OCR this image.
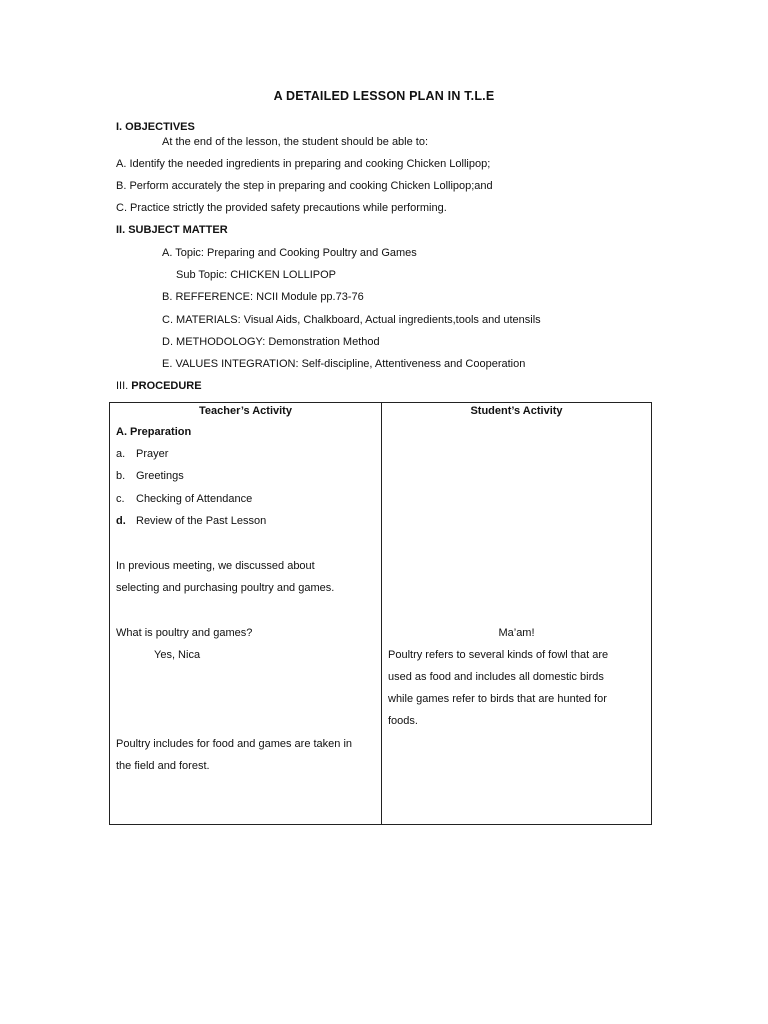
A DETAILED LESSON PLAN IN T.L.E
I. OBJECTIVES
At the end of the lesson, the student should be able to:
A. Identify the needed ingredients in preparing and cooking Chicken Lollipop;
B. Perform accurately the step in preparing and cooking Chicken Lollipop;and
C. Practice strictly the provided safety precautions while performing.
II. SUBJECT MATTER
A. Topic: Preparing and Cooking Poultry and Games
Sub Topic: CHICKEN LOLLIPOP
B. REFFERENCE: NCII Module pp.73-76
C. MATERIALS: Visual Aids, Chalkboard, Actual ingredients,tools and utensils
D. METHODOLOGY: Demonstration Method
E. VALUES INTEGRATION: Self-discipline, Attentiveness and Cooperation
III. PROCEDURE
Teacher’s Activity	Student’s Activity
A. Preparation
a. Prayer
b. Greetings
c. Checking of Attendance
d. Review of the Past Lesson
In previous meeting, we discussed about
selecting and purchasing poultry and games.
What is poultry and games?
Yes, Nica
Poultry includes for food and games are taken in
the field and forest.
Ma’am!
Poultry refers to several kinds of fowl that are
used as food and includes all domestic birds
while games refer to birds that are hunted for
foods.
